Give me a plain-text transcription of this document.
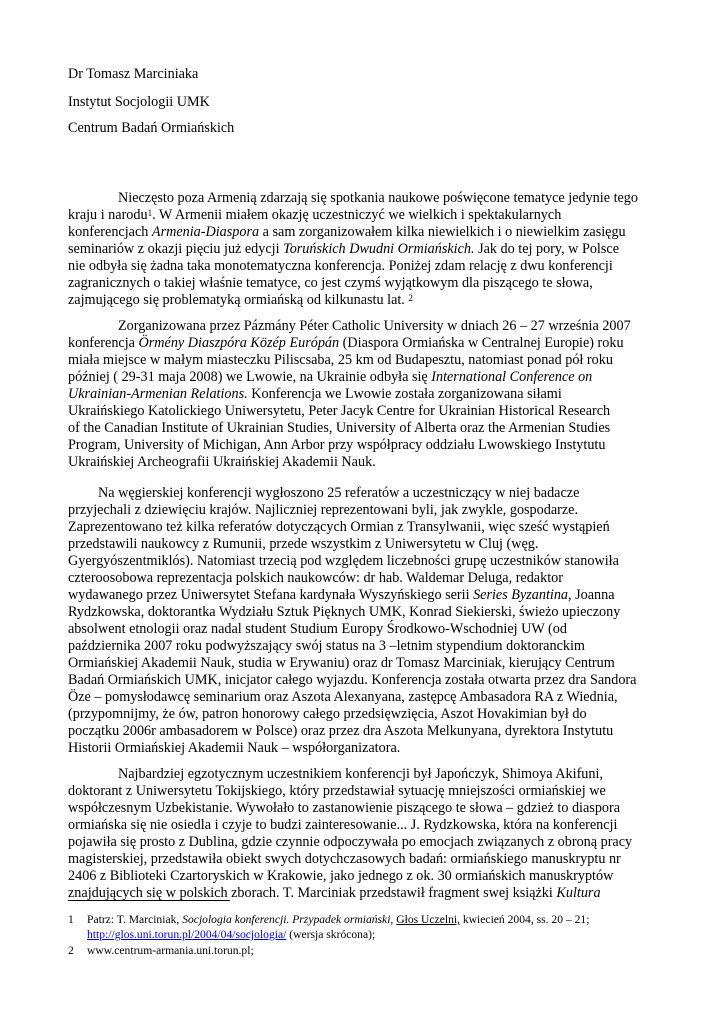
Dr Tomasz Marciniaka
Instytut Socjologii UMK
Centrum Badań Ormiańskich
Nieczęsto poza Armenią zdarzają się spotkania naukowe poświęcone tematyce jedynie tego
kraju i narodu$^1$. W Armenii miałem okazję uczestniczyć we wielkich i spektakularnych
konferencjach Armenia-Diaspora a sam zorganizowałem kilka niewielkich i o niewielkim zasięgu
seminariów z okazji pięciu już edycji Toruńskich Dwudni Ormiańskich. Jak do tej pory, w Polsce
nie odbyła się żadna taka monotematyczna konferencja. Poniżej zdam relację z dwu konferencji
zagranicznych o takiej właśnie tematyce, co jest czymś wyjątkowym dla piszącego te słowa,
zajmującego się problematyką ormiańską od kilkunastu lat. $^2$
Zorganizowana przez Pázmány Péter Catholic University w dniach 26 – 27 września 2007
konferencja Örmény Diaszpóra Közép Európán (Diaspora Ormiańska w Centralnej Europie) roku
miała miejsce w małym miasteczku Piliscsaba, 25 km od Budapesztu, natomiast ponad pół roku
później ( 29-31 maja 2008) we Lwowie, na Ukrainie odbyła się International Conference on
Ukrainian-Armenian Relations. Konferencja we Lwowie została zorganizowana siłami
Ukraińskiego Katolickiego Uniwersytetu, Peter Jacyk Centre for Ukrainian Historical Research
of the Canadian Institute of Ukrainian Studies, University of Alberta oraz the Armenian Studies
Program, University of Michigan, Ann Arbor przy współpracy oddziału Lwowskiego Instytutu
Ukraińskiej Archeografii Ukraińskiej Akademii Nauk.
Na węgierskiej konferencji wygłoszono 25 referatów a uczestniczący w niej badacze
przyjechali z dziewięciu krajów. Najliczniej reprezentowani byli, jak zwykle, gospodarze.
Zaprezentowano też kilka referatów dotyczących Ormian z Transylwanii, więc sześć wystąpień
przedstawili naukowcy z Rumunii, przede wszystkim z Uniwersytetu w Cluj (węg.
Gyergyószentmiklós). Natomiast trzecią pod względem liczebności grupę uczestników stanowiła
czteroosobowa reprezentacja polskich naukowców: dr hab. Waldemar Deluga, redaktor
wydawanego przez Uniwersytet Stefana kardynała Wyszyńskiego serii Series Byzantina, Joanna
Rydzkowska, doktorantka Wydziału Sztuk Pięknych UMK, Konrad Siekierski, świeżo upieczony
absolwent etnologii oraz nadal student Studium Europy Środkowo-Wschodniej UW (od
października 2007 roku podwyższający swój status na 3 –letnim stypendium doktoranckim
Ormiańskiej Akademii Nauk, studia w Erywaniu) oraz dr Tomasz Marciniak, kierujący Centrum
Badań Ormiańskich UMK, inicjator całego wyjazdu. Konferencja została otwarta przez dra Sandora
Öze – pomysłodawcę seminarium oraz Aszota Alexanyana, zastępcę Ambasadora RA z Wiednia,
(przypomnijmy, że ów, patron honorowy całego przedsięwzięcia, Aszot Hovakimian był do
początku 2006r ambasadorem w Polsce) oraz przez dra Aszota Melkunyana, dyrektora Instytutu
Historii Ormiańskiej Akademii Nauk – współorganizatora.
Najbardziej egzotycznym uczestnikiem konferencji był Japończyk, Shimoya Akifuni,
doktorant z Uniwersytetu Tokijskiego, który przedstawiał sytuację mniejszości ormiańskiej we
współczesnym Uzbekistanie. Wywołało to zastanowienie piszącego te słowa – gdzież to diaspora
ormiańska się nie osiedla i czyje to budzi zainteresowanie... J. Rydzkowska, która na konferencji
pojawiła się prosto z Dublina, gdzie czynnie odpoczywała po emocjach związanych z obroną pracy
magisterskiej, przedstawiła obiekt swych dotychczasowych badań: ormiańskiego manuskryptu nr
2406 z Biblioteki Czartoryskich w Krakowie, jako jednego z ok. 30 ormiańskich manuskryptów
znajdujących się w polskich zborach. T. Marciniak przedstawił fragment swej książki Kultura
1 Patrz: T. Marciniak, Socjologia konferencji. Przypadek ormiański, Głos Uczelni, kwiecień 2004, ss. 20 – 21;
http://glos.uni.torun.pl/2004/04/socjologia/ (wersja skrócona);
2 www.centrum-armania.uni.torun.pl;
